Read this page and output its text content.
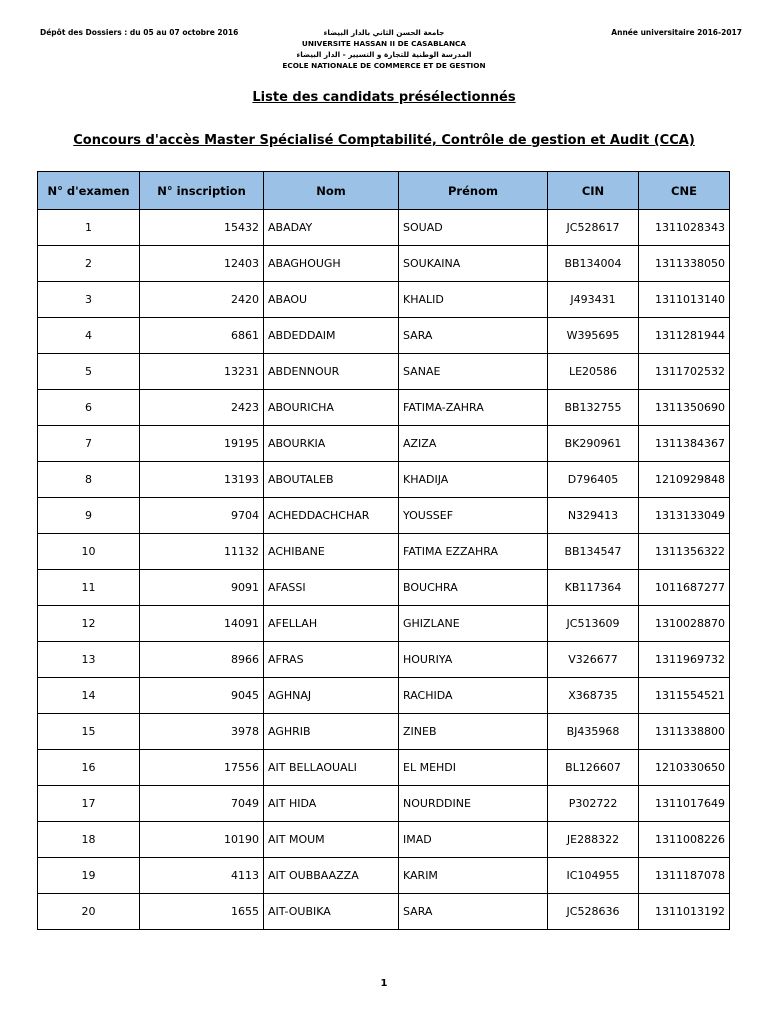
Dépôt des Dossiers : du 05 au 07 octobre 2016	جامعة الحسن الثاني بالدار البيضاء
UNIVERSITE HASSAN II DE CASABLANCA
المدرسة الوطنية للتجارة و التسيير - الدار البيضاء
ECOLE NATIONALE DE COMMERCE ET DE GESTION
Année universitaire 2016-2017
Liste des candidats présélectionnés
Concours d'accès Master Spécialisé Comptabilité, Contrôle de gestion et Audit (CCA)
N° d'examen	N° inscription	Nom	Prénom	CIN	CNE
1	15432	ABADAY	SOUAD	JC528617	1311028343
2	12403	ABAGHOUGH	SOUKAINA	BB134004	1311338050
3	2420	ABAOU	KHALID	J493431	1311013140
4	6861	ABDEDDAIM	SARA	W395695	1311281944
5	13231	ABDENNOUR	SANAE	LE20586	1311702532
6	2423	ABOURICHA	FATIMA-ZAHRA	BB132755	1311350690
7	19195	ABOURKIA	AZIZA	BK290961	1311384367
8	13193	ABOUTALEB	KHADIJA	D796405	1210929848
9	9704	ACHEDDACHCHAR	YOUSSEF	N329413	1313133049
10	11132	ACHIBANE	FATIMA EZZAHRA	BB134547	1311356322
11	9091	AFASSI	BOUCHRA	KB117364	1011687277
12	14091	AFELLAH	GHIZLANE	JC513609	1310028870
13	8966	AFRAS	HOURIYA	V326677	1311969732
14	9045	AGHNAJ	RACHIDA	X368735	1311554521
15	3978	AGHRIB	ZINEB	BJ435968	1311338800
16	17556	AIT BELLAOUALI	EL MEHDI	BL126607	1210330650
17	7049	AIT HIDA	NOURDDINE	P302722	1311017649
18	10190	AIT MOUM	IMAD	JE288322	1311008226
19	4113	AIT OUBBAAZZA	KARIM	IC104955	1311187078
20	1655	AIT-OUBIKA	SARA	JC528636	1311013192
1
